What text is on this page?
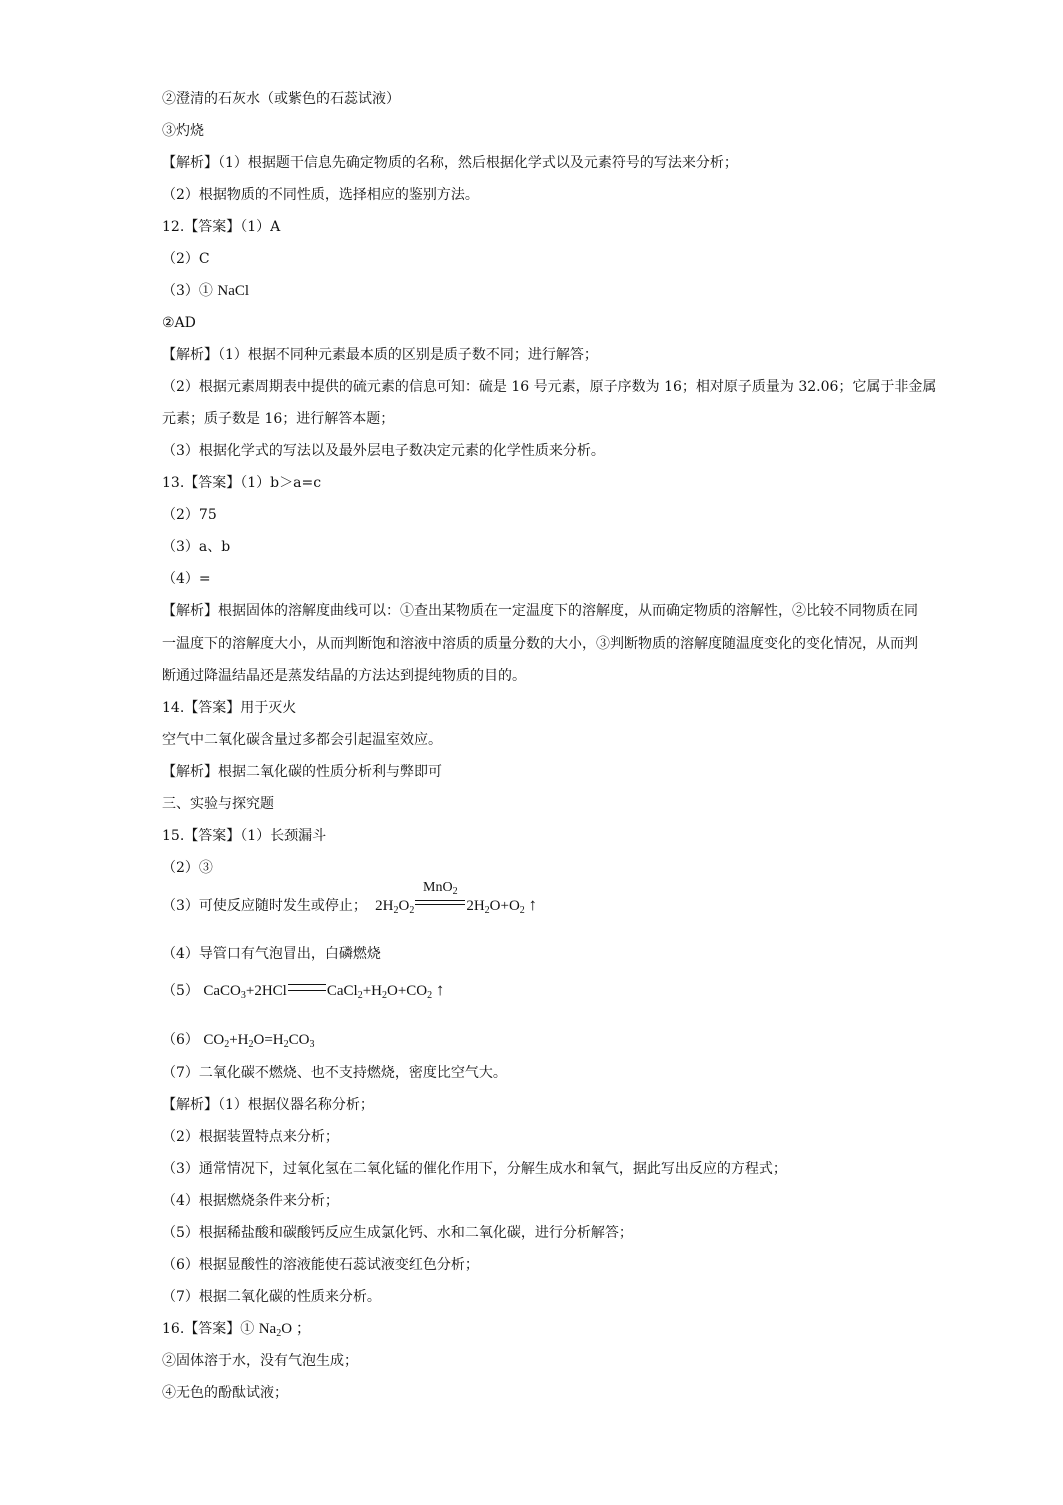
②澄清的石灰水（或紫色的石蕊试液）
③灼烧
【解析】（1）根据题干信息先确定物质的名称，然后根据化学式以及元素符号的写法来分析；
（2）根据物质的不同性质，选择相应的鉴别方法。
12.【答案】（1）A
（2）C
（3）① NaCl
②AD
【解析】（1）根据不同种元素最本质的区别是质子数不同；进行解答；
（2）根据元素周期表中提供的硫元素的信息可知：硫是 16 号元素，原子序数为 16；相对原子质量为 32.06；它属于非金属
元素；质子数是 16；进行解答本题；
（3）根据化学式的写法以及最外层电子数决定元素的化学性质来分析。
13.【答案】（1）b＞a=c
（2）75
（3）a、b
（4）=
【解析】根据固体的溶解度曲线可以：①查出某物质在一定温度下的溶解度，从而确定物质的溶解性，②比较不同物质在同
一温度下的溶解度大小，从而判断饱和溶液中溶质的质量分数的大小，③判断物质的溶解度随温度变化的变化情况，从而判
断通过降温结晶还是蒸发结晶的方法达到提纯物质的目的。
14.【答案】用于灭火
空气中二氧化碳含量过多都会引起温室效应。
【解析】根据二氧化碳的性质分析利与弊即可
三、实验与探究题
15.【答案】（1）长颈漏斗
（2）③
（3）可使反应随时发生或停止； $2H_2O_2$
MnO$_2$
$2H_2O+O_2$ ↑
（4）导管口有气泡冒出，白磷燃烧
（5） CaCO$_3$+2HCl	$CaCl_2+H_2O+CO_2$ ↑
（6） $CO_2+H_2O=H_2CO_3$
（7）二氧化碳不燃烧、也不支持燃烧，密度比空气大。
【解析】（1）根据仪器名称分析；
（2）根据装置特点来分析；
（3）通常情况下，过氧化氢在二氧化锰的催化作用下，分解生成水和氧气，据此写出反应的方程式；
（4）根据燃烧条件来分析；
（5）根据稀盐酸和碳酸钙反应生成氯化钙、水和二氧化碳，进行分析解答；
（6）根据显酸性的溶液能使石蕊试液变红色分析；
（7）根据二氧化碳的性质来分析。
16.【答案】① $Na_2O$ ；
②固体溶于水，没有气泡生成；
④无色的酚酞试液；
